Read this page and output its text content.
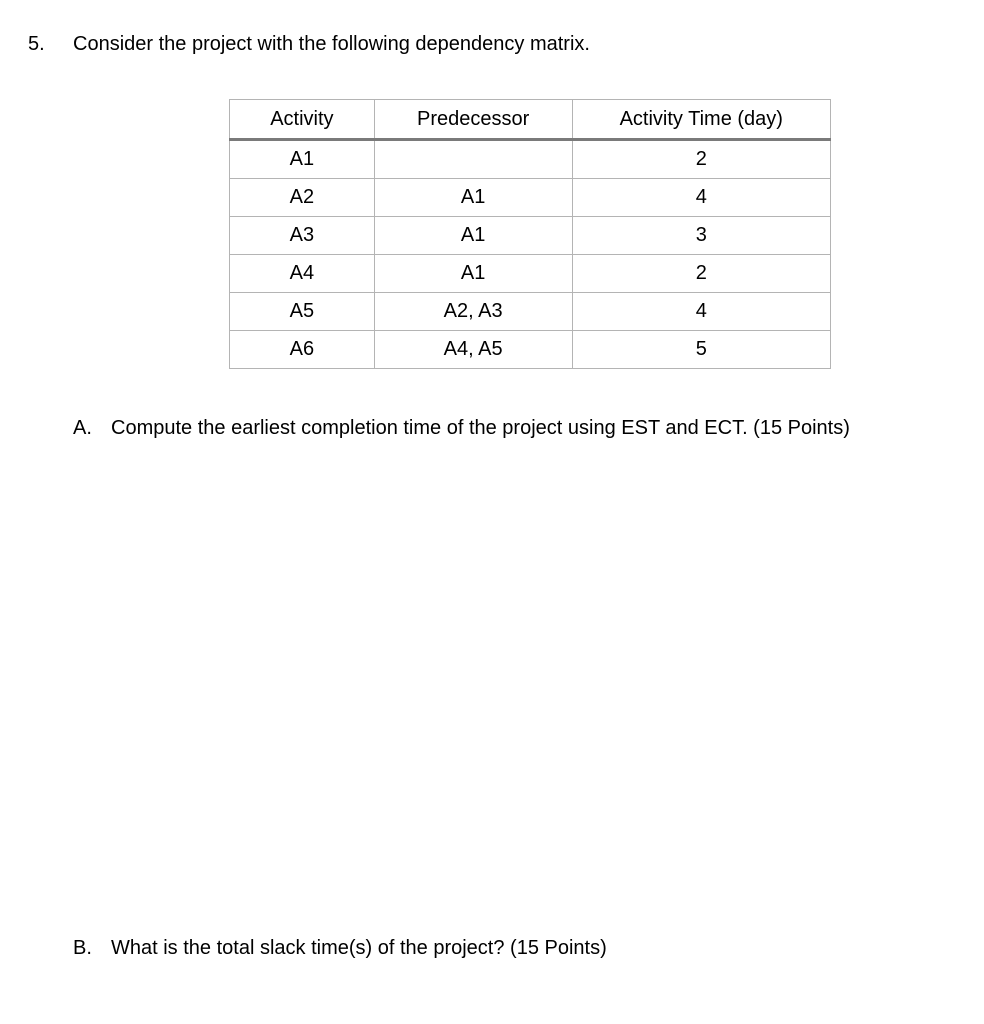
5. Consider the project with the following dependency matrix.
Activity	Predecessor	Activity Time (day)
A1		2
A2	A1	4
A3	A1	3
A4	A1	2
A5	A2, A3	4
A6	A4, A5	5
A. Compute the earliest completion time of the project using EST and ECT. (15 Points)
B. What is the total slack time(s) of the project? (15 Points)
